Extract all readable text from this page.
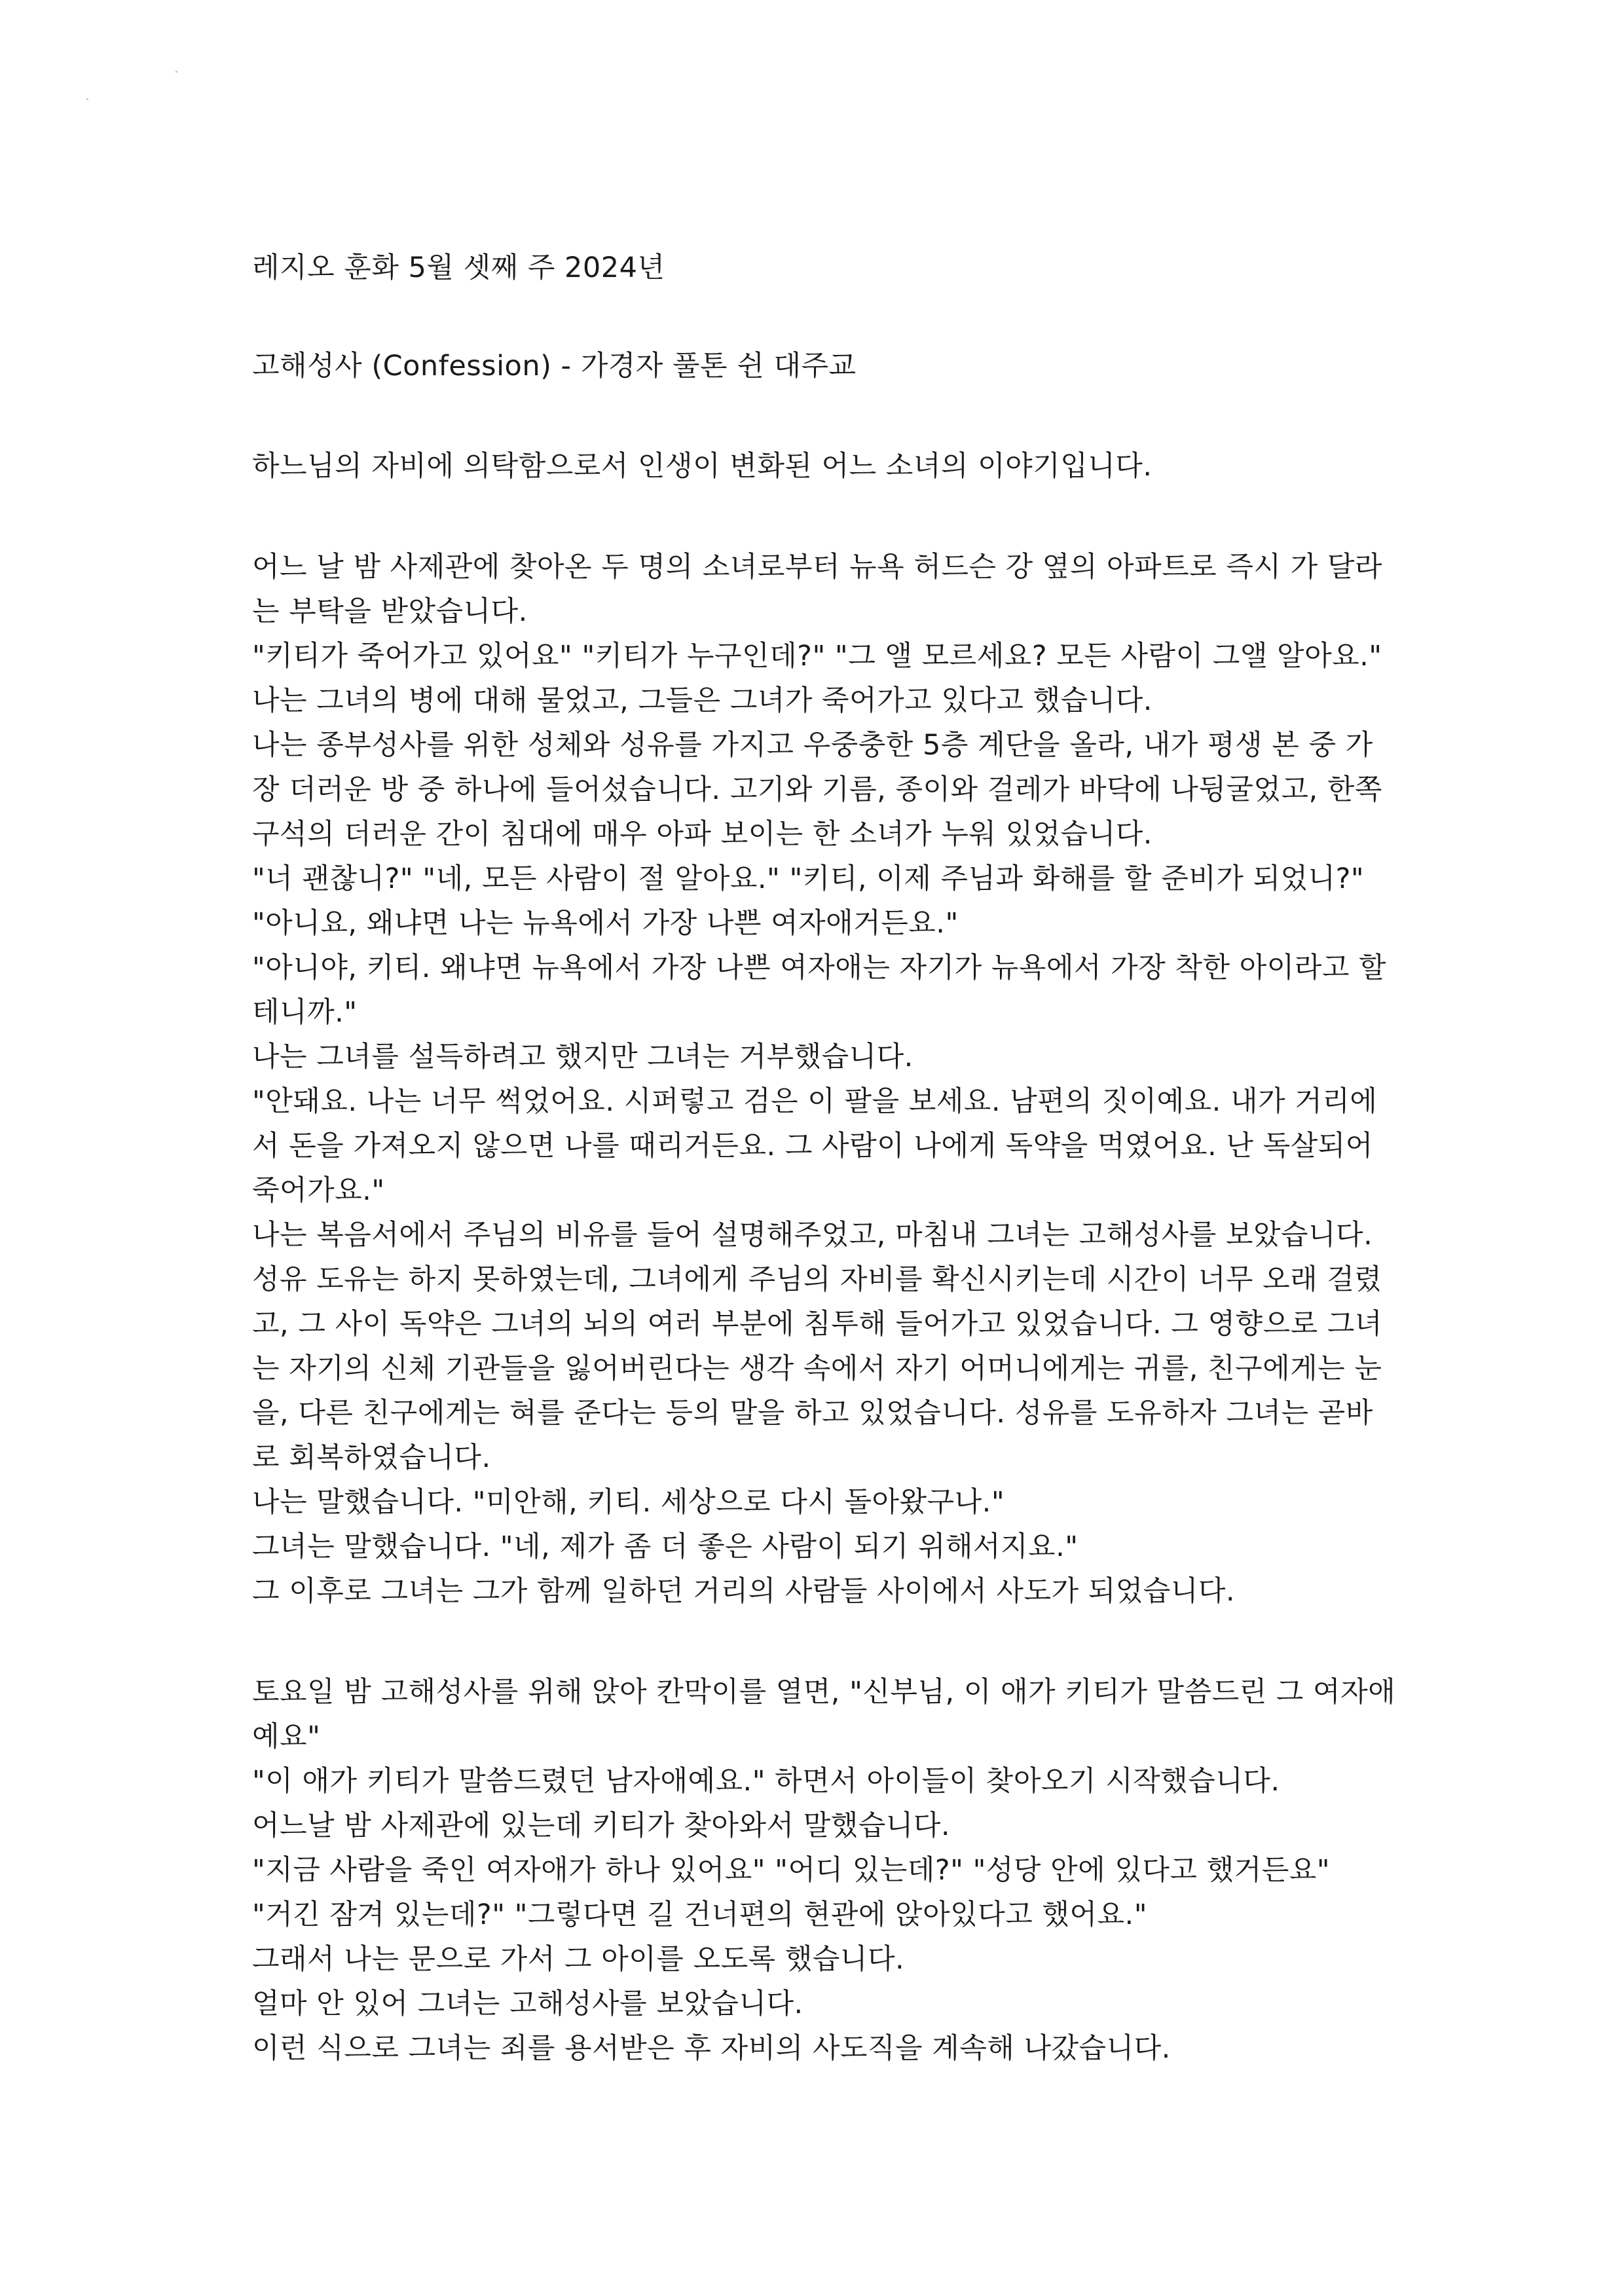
레지오 훈화 5월 셋째 주 2024년
고해성사 (Confession) - 가경자 풀톤 쉰 대주교
하느님의 자비에 의탁함으로서 인생이 변화된 어느 소녀의 이야기입니다.
어느 날 밤 사제관에 찾아온 두 명의 소녀로부터 뉴욕 허드슨 강 옆의 아파트로 즉시 가 달라
는 부탁을 받았습니다.
"키티가 죽어가고 있어요" "키티가 누구인데?" "그 앨 모르세요? 모든 사람이 그앨 알아요."
나는 그녀의 병에 대해 물었고, 그들은 그녀가 죽어가고 있다고 했습니다.
나는 종부성사를 위한 성체와 성유를 가지고 우중충한 5층 계단을 올라, 내가 평생 본 중 가
장 더러운 방 중 하나에 들어섰습니다. 고기와 기름, 종이와 걸레가 바닥에 나뒹굴었고, 한쪽
구석의 더러운 간이 침대에 매우 아파 보이는 한 소녀가 누워 있었습니다.
"너 괜찮니?" "네, 모든 사람이 절 알아요." "키티, 이제 주님과 화해를 할 준비가 되었니?"
"아니요, 왜냐면 나는 뉴욕에서 가장 나쁜 여자애거든요."
"아니야, 키티. 왜냐면 뉴욕에서 가장 나쁜 여자애는 자기가 뉴욕에서 가장 착한 아이라고 할
테니까."
나는 그녀를 설득하려고 했지만 그녀는 거부했습니다.
"안돼요. 나는 너무 썩었어요. 시퍼렇고 검은 이 팔을 보세요. 남편의 짓이예요. 내가 거리에
서 돈을 가져오지 않으면 나를 때리거든요. 그 사람이 나에게 독약을 먹였어요. 난 독살되어
죽어가요."
나는 복음서에서 주님의 비유를 들어 설명해주었고, 마침내 그녀는 고해성사를 보았습니다.
성유 도유는 하지 못하였는데, 그녀에게 주님의 자비를 확신시키는데 시간이 너무 오래 걸렸
고, 그 사이 독약은 그녀의 뇌의 여러 부분에 침투해 들어가고 있었습니다. 그 영향으로 그녀
는 자기의 신체 기관들을 잃어버린다는 생각 속에서 자기 어머니에게는 귀를, 친구에게는 눈
을, 다른 친구에게는 혀를 준다는 등의 말을 하고 있었습니다. 성유를 도유하자 그녀는 곧바
로 회복하였습니다.
나는 말했습니다. "미안해, 키티. 세상으로 다시 돌아왔구나."
그녀는 말했습니다. "네, 제가 좀 더 좋은 사람이 되기 위해서지요."
그 이후로 그녀는 그가 함께 일하던 거리의 사람들 사이에서 사도가 되었습니다.
토요일 밤 고해성사를 위해 앉아 칸막이를 열면, "신부님, 이 애가 키티가 말씀드린 그 여자애
예요"
"이 애가 키티가 말씀드렸던 남자애예요." 하면서 아이들이 찾아오기 시작했습니다.
어느날 밤 사제관에 있는데 키티가 찾아와서 말했습니다.
"지금 사람을 죽인 여자애가 하나 있어요" "어디 있는데?" "성당 안에 있다고 했거든요"
"거긴 잠겨 있는데?" "그렇다면 길 건너편의 현관에 앉아있다고 했어요."
그래서 나는 문으로 가서 그 아이를 오도록 했습니다.
얼마 안 있어 그녀는 고해성사를 보았습니다.
이런 식으로 그녀는 죄를 용서받은 후 자비의 사도직을 계속해 나갔습니다.
